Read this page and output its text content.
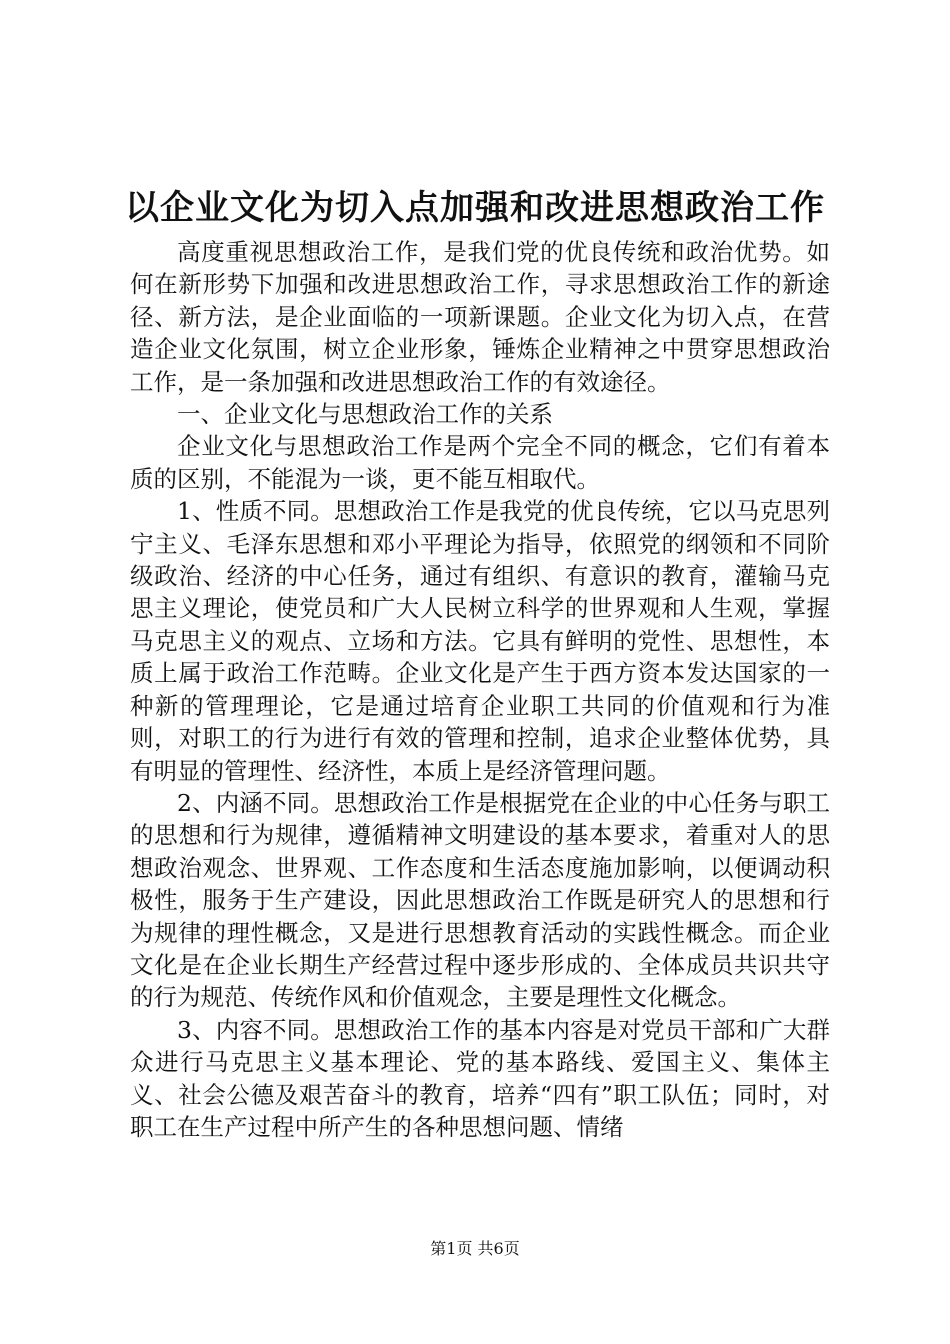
以企业文化为切入点加强和改进思想政治工作

高度重视思想政治工作，是我们党的优良传统和政治优势。如何在新形势下加强和改进思想政治工作，寻求思想政治工作的新途径、新方法，是企业面临的一项新课题。企业文化为切入点，在营造企业文化氛围，树立企业形象，锤炼企业精神之中贯穿思想政治工作，是一条加强和改进思想政治工作的有效途径。

一、企业文化与思想政治工作的关系

企业文化与思想政治工作是两个完全不同的概念，它们有着本质的区别，不能混为一谈，更不能互相取代。

1、性质不同。思想政治工作是我党的优良传统，它以马克思列宁主义、毛泽东思想和邓小平理论为指导，依照党的纲领和不同阶级政治、经济的中心任务，通过有组织、有意识的教育，灌输马克思主义理论，使党员和广大人民树立科学的世界观和人生观，掌握马克思主义的观点、立场和方法。它具有鲜明的党性、思想性，本质上属于政治工作范畴。企业文化是产生于西方资本发达国家的一种新的管理理论，它是通过培育企业职工共同的价值观和行为准则，对职工的行为进行有效的管理和控制，追求企业整体优势，具有明显的管理性、经济性，本质上是经济管理问题。

2、内涵不同。思想政治工作是根据党在企业的中心任务与职工的思想和行为规律，遵循精神文明建设的基本要求，着重对人的思想政治观念、世界观、工作态度和生活态度施加影响，以便调动积极性，服务于生产建设，因此思想政治工作既是研究人的思想和行为规律的理性概念，又是进行思想教育活动的实践性概念。而企业文化是在企业长期生产经营过程中逐步形成的、全体成员共识共守的行为规范、传统作风和价值观念，主要是理性文化概念。

3、内容不同。思想政治工作的基本内容是对党员干部和广大群众进行马克思主义基本理论、党的基本路线、爱国主义、集体主义、社会公德及艰苦奋斗的教育，培养“四有”职工队伍；同时，对职工在生产过程中所产生的各种思想问题、情绪

第1页 共6页
